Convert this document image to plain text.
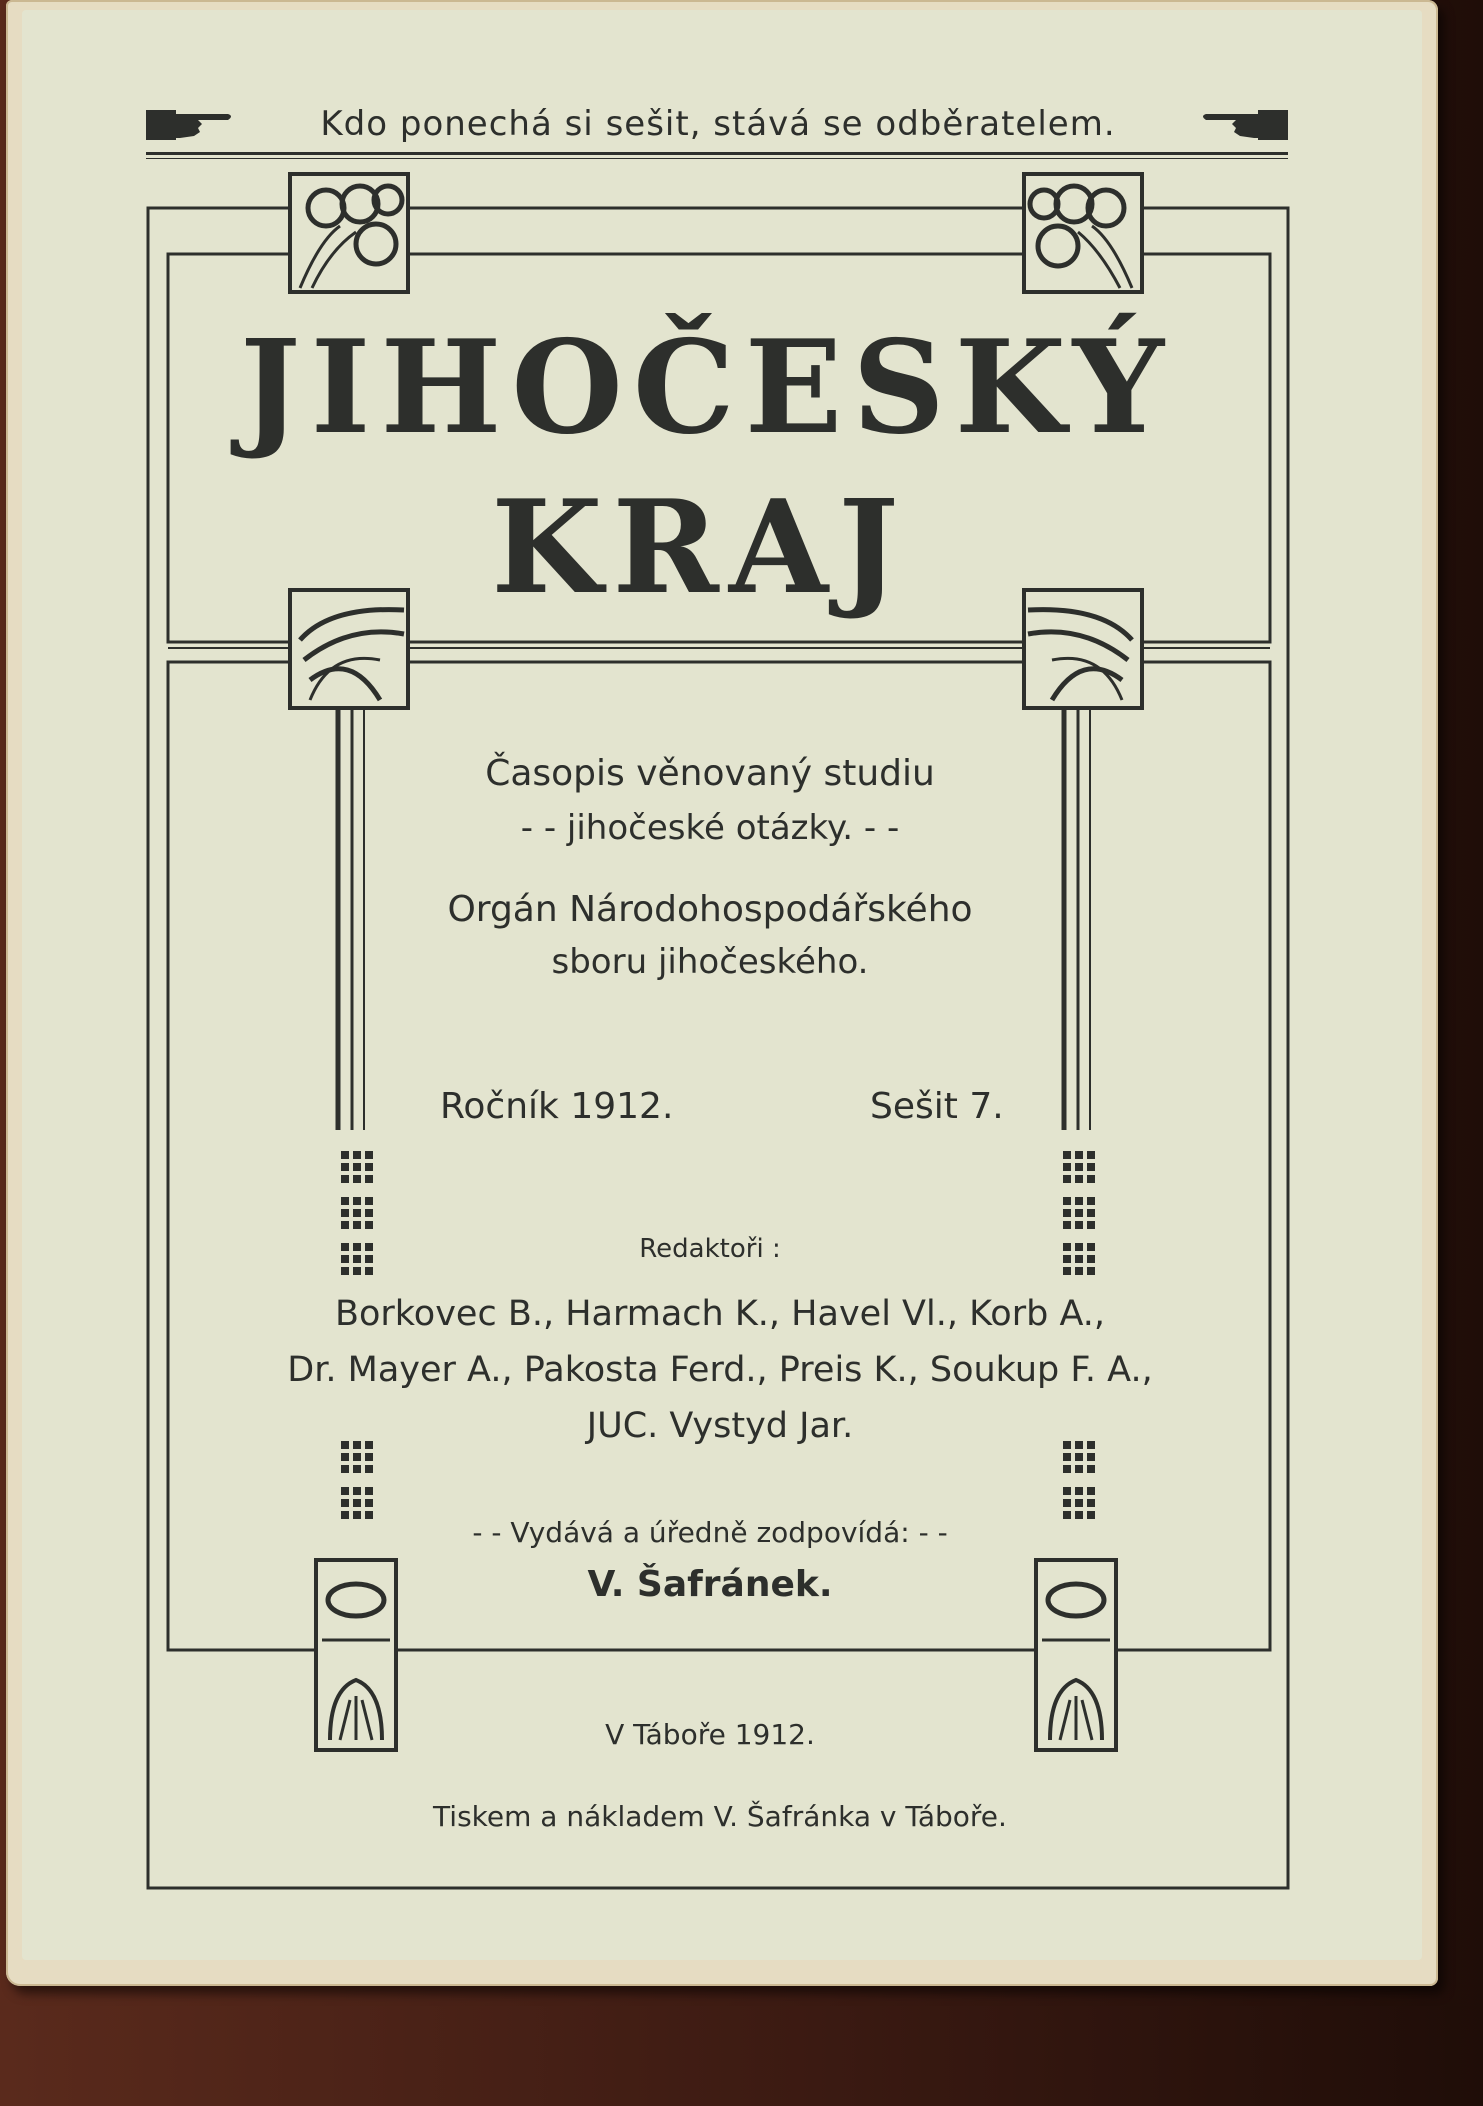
Kdo ponechá si sešit, stává se odběratelem.
JIHOČESKÝ
KRAJ
Časopis věnovaný studiu
- - jihočeské otázky. - -
Orgán Národohospodářského
sboru jihočeského.
Ročník 1912.	Sešit 7.
Redaktoři :
Borkovec B., Harmach K., Havel Vl., Korb A.,
Dr. Mayer A., Pakosta Ferd., Preis K., Soukup F. A.,
JUC. Vystyd Jar.
- - Vydává a úředně zodpovídá: - -
V. Šafránek.
V Táboře 1912.
Tiskem a nákladem V. Šafránka v Táboře.
